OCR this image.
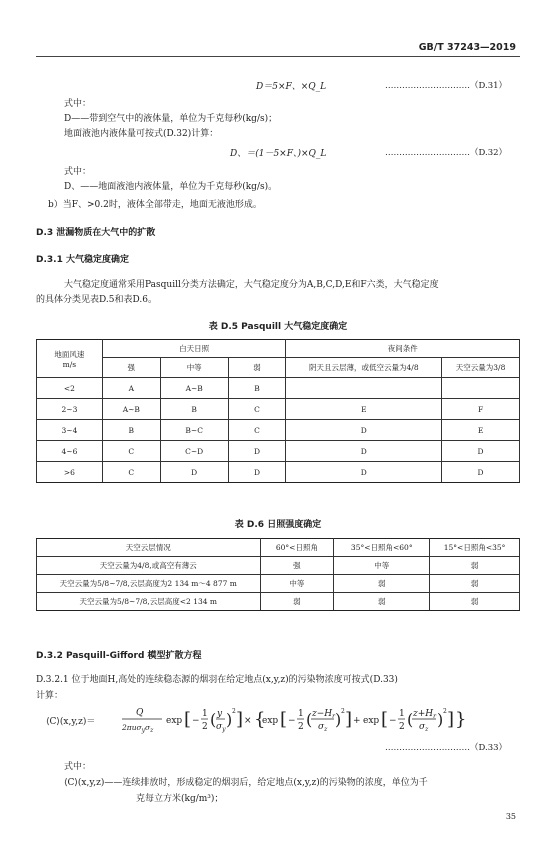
GB/T 37243—2019
D＝5×F、×Q_L	…………………………（D.31）
式中：
D——带到空气中的液体量，单位为千克每秒(kg/s)；
地面液池内液体量可按式(D.32)计算：
D、＝(1－5×F、)×Q_L	…………………………（D.32）
式中：
D、——地面液池内液体量，单位为千克每秒(kg/s)。
b）当F、>0.2时，液体全部带走，地面无液池形成。
D.3 泄漏物质在大气中的扩散
D.3.1 大气稳定度确定
大气稳定度通常采用Pasquill分类方法确定，大气稳定度分为A,B,C,D,E和F六类，大气稳定度
的具体分类见表D.5和表D.6。
表 D.5 Pasquill 大气稳定度确定
地面风速
m/s	白天日照			夜间条件	
	强	中等	弱	阴天且云层薄，或低空云量为4/8	天空云量为3/8
<2	A	A~B	B		
2~3	A~B	B	C	E	F
3~4	B	B~C	C	D	E
4~6	C	C~D	D	D	D
>6	C	D	D	D	D
表 D.6 日照强度确定
天空云层情况	60°<日照角	35°<日照角<60°	15°<日照角<35°
天空云量为4/8,或高空有薄云	强	中等	弱
天空云量为5/8~7/8,云层高度为2 134 m～4 877 m	中等	弱	弱
天空云量为5/8~7/8,云层高度<2 134 m	弱	弱	弱
D.3.2 Pasquill-Gifford 模型扩散方程
D.3.2.1 位于地面H,高处的连续稳态源的烟羽在给定地点(x,y,z)的污染物浓度可按式(D.33)
计算：
⟨C⟩(x,y,z)＝
Q
$2\pi u\sigma_y\sigma_z$
exp [ −
1
2 ( y
$\sigma_y$
) 2 ] × {
exp [ −
1
2 ( $z-H_r$
$\sigma_z$
) 2 ] + exp [ −
1
2 ( $z+H_r$
$\sigma_z$
) 2 ] }
…………………………（D.33）
式中：
⟨C⟩(x,y,z)——连续排放时，形成稳定的烟羽后，给定地点(x,y,z)的污染物的浓度，单位为千
克每立方米(kg/m³)；
35
